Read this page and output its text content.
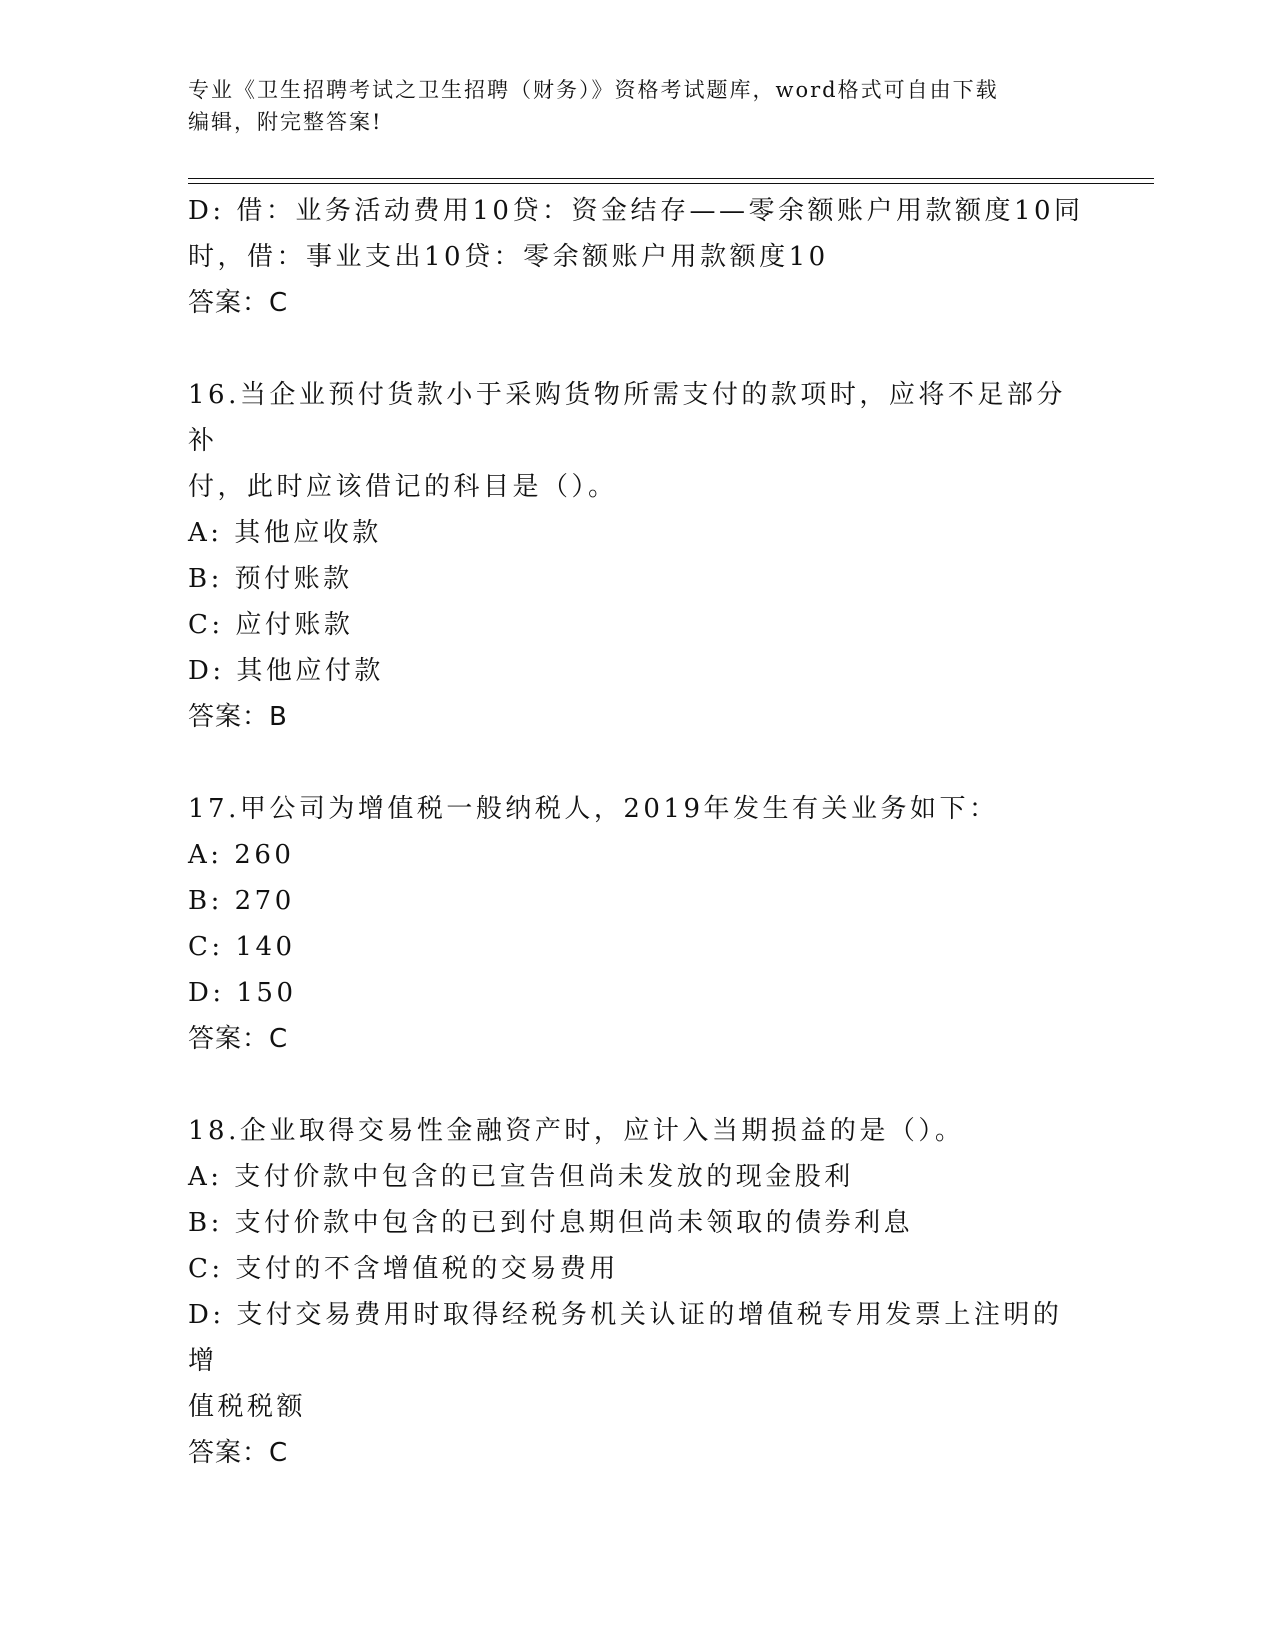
专业《卫生招聘考试之卫生招聘（财务）》资格考试题库，word格式可自由下载
编辑，附完整答案!
D: 借：业务活动费用10贷：资金结存——零余额账户用款额度10同
时，借：事业支出10贷：零余额账户用款额度10
答案：C
16.当企业预付货款小于采购货物所需支付的款项时，应将不足部分补
付，此时应该借记的科目是（）。
A: 其他应收款
B: 预付账款
C: 应付账款
D: 其他应付款
答案：B
17.甲公司为增值税一般纳税人，2019年发生有关业务如下：
A: 260
B: 270
C: 140
D: 150
答案：C
18.企业取得交易性金融资产时，应计入当期损益的是（）。
A: 支付价款中包含的已宣告但尚未发放的现金股利
B: 支付价款中包含的已到付息期但尚未领取的债券利息
C: 支付的不含增值税的交易费用
D: 支付交易费用时取得经税务机关认证的增值税专用发票上注明的增
值税税额
答案：C
